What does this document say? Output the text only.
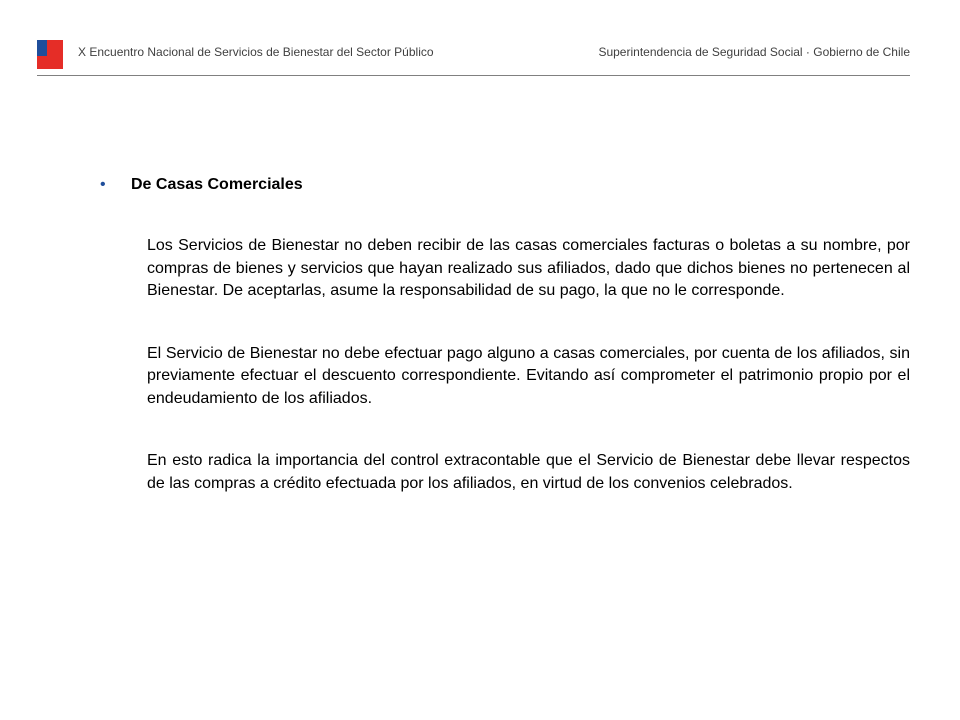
X Encuentro Nacional de Servicios de Bienestar del Sector Público	Superintendencia de Seguridad Social · Gobierno de Chile
•	De Casas Comerciales
Los Servicios de Bienestar no deben recibir de las casas comerciales facturas o boletas a su nombre, por compras de bienes y servicios que hayan realizado sus afiliados, dado que dichos bienes no pertenecen al Bienestar. De aceptarlas, asume la responsabilidad de su pago, la que no le corresponde.
El Servicio de Bienestar no debe efectuar pago alguno a casas comerciales, por cuenta de los afiliados, sin previamente efectuar el descuento correspondiente. Evitando así comprometer el patrimonio propio por el endeudamiento de los afiliados.
En esto radica la importancia del control extracontable que el Servicio de Bienestar debe llevar respectos de las compras a crédito efectuada por los afiliados, en virtud de los convenios celebrados.
